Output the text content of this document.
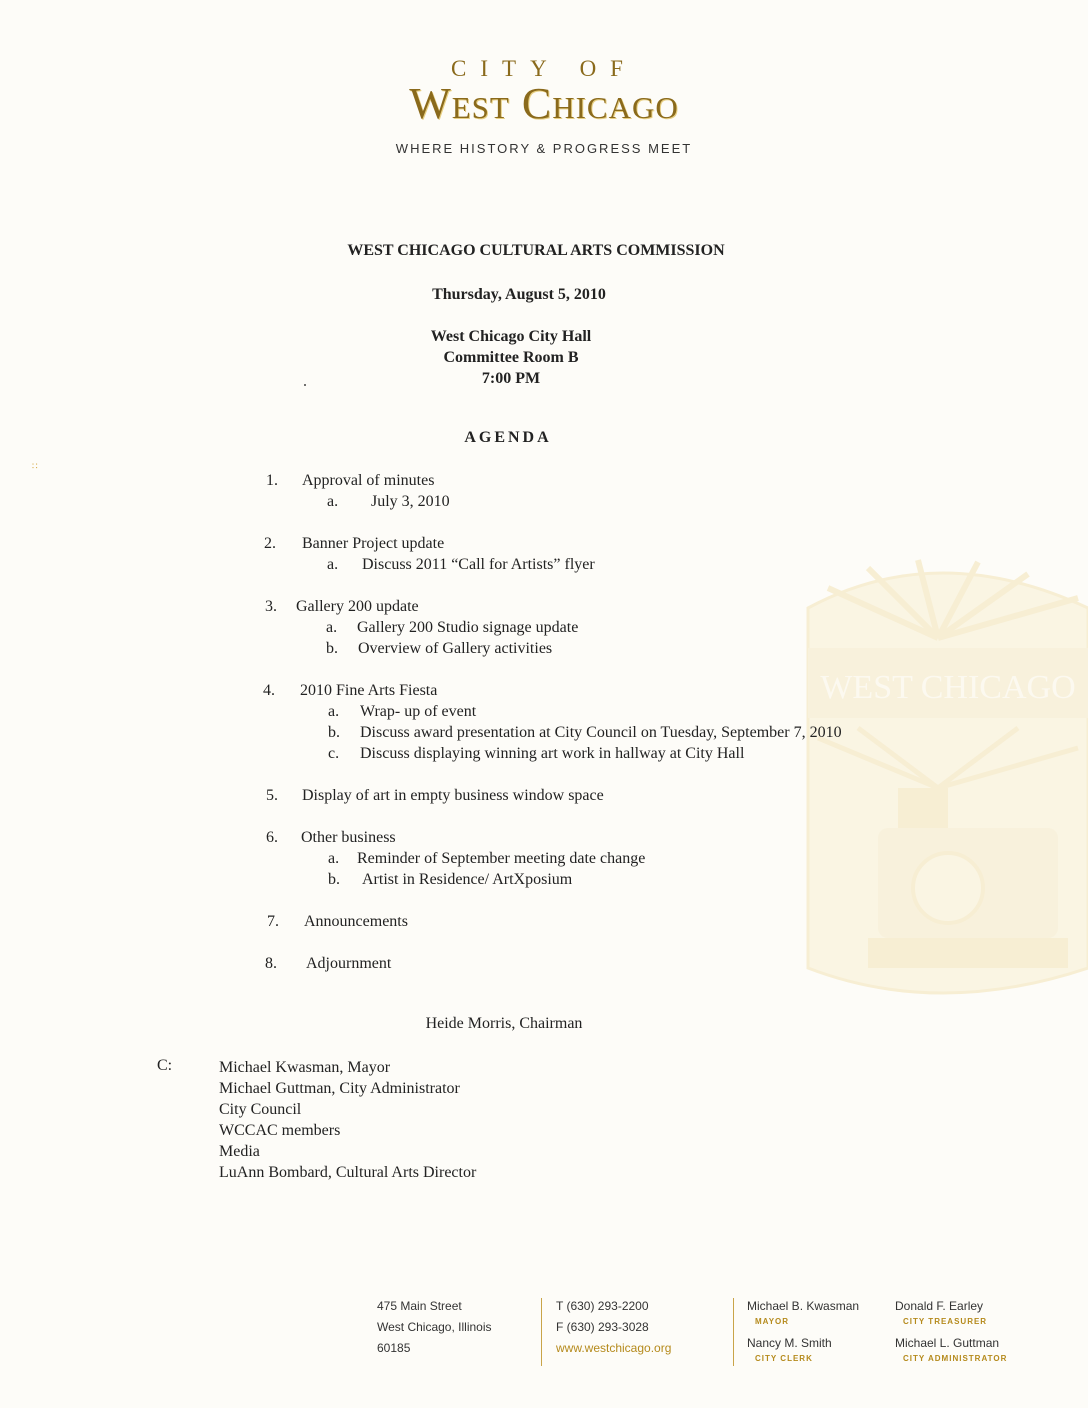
WEST CHICAGO
∷
CITY OF
West Chicago
WHERE HISTORY & PROGRESS MEET
WEST CHICAGO CULTURAL ARTS COMMISSION
Thursday, August 5, 2010
West Chicago City Hall
Committee Room B
7:00 PM
AGENDA
1. Approval of minutes
a. July 3, 2010
2. Banner Project update
a. Discuss 2011 “Call for Artists” flyer
3. Gallery 200 update
a. Gallery 200 Studio signage update
b. Overview of Gallery activities
4. 2010 Fine Arts Fiesta
a. Wrap- up of event
b. Discuss award presentation at City Council on Tuesday, September 7, 2010
c. Discuss displaying winning art work in hallway at City Hall
5. Display of art in empty business window space
6. Other business
a. Reminder of September meeting date change
b. Artist in Residence/ ArtXposium
7. Announcements
8. Adjournment
Heide Morris, Chairman
C:	Michael Kwasman, Mayor
Michael Guttman, City Administrator
City Council
WCCAC members
Media
LuAnn Bombard, Cultural Arts Director
475 Main Street
West Chicago, Illinois
60185
T (630) 293-2200
F (630) 293-3028
www.westchicago.org
Michael B. Kwasman
MAYOR
Nancy M. Smith
CITY CLERK
Donald F. Earley
CITY TREASURER
Michael L. Guttman
CITY ADMINISTRATOR
